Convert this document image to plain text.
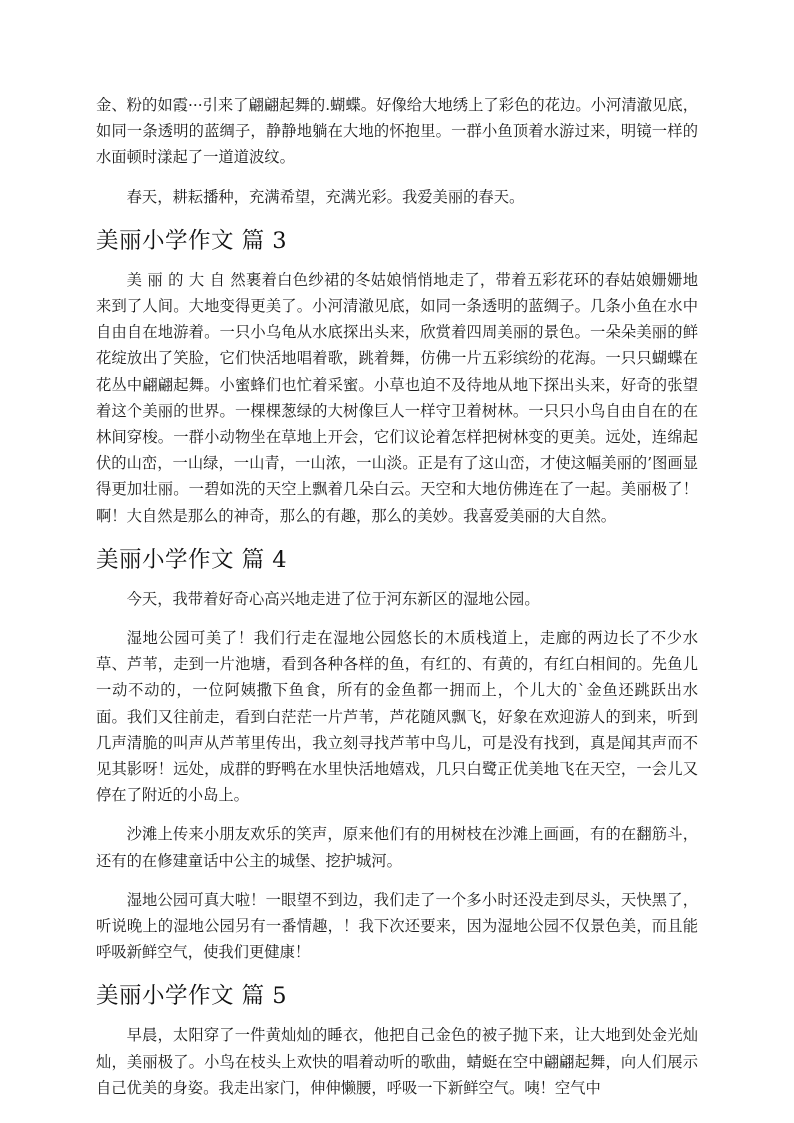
金、粉的如霞···引来了翩翩起舞的.蝴蝶。好像给大地绣上了彩色的花边。小河清澈见底，如同一条透明的蓝绸子，静静地躺在大地的怀抱里。一群小鱼顶着水游过来，明镜一样的水面顿时漾起了一道道波纹。

春天，耕耘播种，充满希望，充满光彩。我爱美丽的春天。

美丽小学作文 篇 3

美 丽 的 大 自 然裹着白色纱裙的冬姑娘悄悄地走了，带着五彩花环的春姑娘姗姗地来到了人间。大地变得更美了。小河清澈见底，如同一条透明的蓝绸子。几条小鱼在水中自由自在地游着。一只小乌龟从水底探出头来，欣赏着四周美丽的景色。一朵朵美丽的鲜花绽放出了笑脸，它们快活地唱着歌，跳着舞，仿佛一片五彩缤纷的花海。一只只蝴蝶在花丛中翩翩起舞。小蜜蜂们也忙着采蜜。小草也迫不及待地从地下探出头来，好奇的张望着这个美丽的世界。一棵棵葱绿的大树像巨人一样守卫着树林。一只只小鸟自由自在的在林间穿梭。一群小动物坐在草地上开会，它们议论着怎样把树林变的更美。远处，连绵起伏的山峦，一山绿，一山青，一山浓，一山淡。正是有了这山峦，才使这幅美丽的’图画显得更加壮丽。一碧如洗的天空上飘着几朵白云。天空和大地仿佛连在了一起。美丽极了！啊！大自然是那么的神奇，那么的有趣，那么的美妙。我喜爱美丽的大自然。

美丽小学作文 篇 4

今天，我带着好奇心高兴地走进了位于河东新区的湿地公园。

湿地公园可美了！我们行走在湿地公园悠长的木质栈道上，走廊的两边长了不少水草、芦苇，走到一片池塘，看到各种各样的鱼，有红的、有黄的，有红白相间的。先鱼儿一动不动的，一位阿姨撒下鱼食，所有的金鱼都一拥而上，个儿大的`金鱼还跳跃出水面。我们又往前走，看到白茫茫一片芦苇，芦花随风飘飞，好象在欢迎游人的到来，听到几声清脆的叫声从芦苇里传出，我立刻寻找芦苇中鸟儿，可是没有找到，真是闻其声而不见其影呀！远处，成群的野鸭在水里快活地嬉戏，几只白鹭正优美地飞在天空，一会儿又停在了附近的小岛上。

沙滩上传来小朋友欢乐的笑声，原来他们有的用树枝在沙滩上画画，有的在翻筋斗，还有的在修建童话中公主的城堡、挖护城河。

湿地公园可真大啦！一眼望不到边，我们走了一个多小时还没走到尽头，天快黑了，听说晚上的湿地公园另有一番情趣，！我下次还要来，因为湿地公园不仅景色美，而且能呼吸新鲜空气，使我们更健康！

美丽小学作文 篇 5

早晨，太阳穿了一件黄灿灿的睡衣，他把自己金色的被子抛下来，让大地到处金光灿灿，美丽极了。小鸟在枝头上欢快的唱着动听的歌曲，蜻蜓在空中翩翩起舞，向人们展示自己优美的身姿。我走出家门，伸伸懒腰，呼吸一下新鲜空气。咦！空气中
